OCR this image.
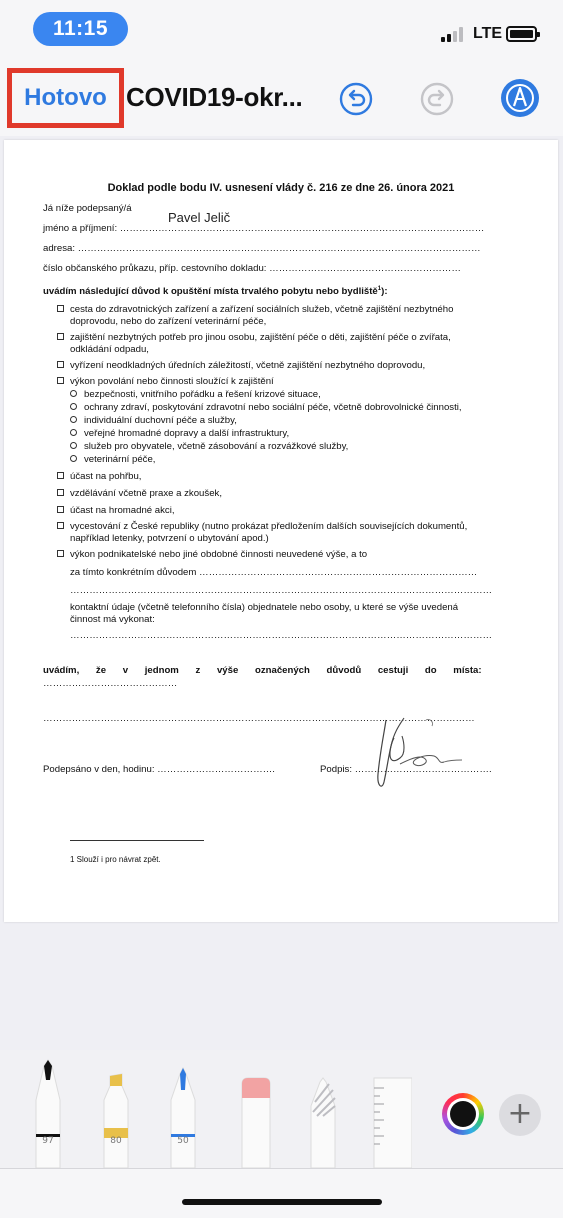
11:15	LTE
Hotovo COVID19-okr...
Doklad podle bodu IV. usnesení vlády č. 216 ze dne 26. února 2021
Já níže podepsaný/á
jméno a příjmení: ……………………………………………………………………………………………………
Pavel Jelič
adresa: ………………………………………………………………………………………………………………
číslo občanského průkazu, příp. cestovního dokladu: ……………………………………………………
uvádím následující důvod k opuštění místa trvalého pobytu nebo bydliště$^1$):
cesta do zdravotnických zařízení a zařízení sociálních služeb, včetně zajištění nezbytného
doprovodu, nebo do zařízení veterinární péče,
zajištění nezbytných potřeb pro jinou osobu, zajištění péče o děti, zajištění péče o zvířata,
odkládání odpadu,
vyřízení neodkladných úředních záležitostí, včetně zajištění nezbytného doprovodu,
výkon povolání nebo činnosti sloužící k zajištění
bezpečnosti, vnitřního pořádku a řešení krizové situace,
ochrany zdraví, poskytování zdravotní nebo sociální péče, včetně dobrovolnické činnosti,
individuální duchovní péče a služby,
veřejné hromadné dopravy a další infrastruktury,
služeb pro obyvatele, včetně zásobování a rozvážkové služby,
veterinární péče,
účast na pohřbu,
vzdělávání včetně praxe a zkoušek,
účast na hromadné akci,
vycestování z České republiky (nutno prokázat předložením dalších souvisejících dokumentů,
například letenky, potvrzení o ubytování apod.)
výkon podnikatelské nebo jiné obdobné činnosti neuvedené výše, a to
za tímto konkrétním důvodem ……………………………………………………………………………
……………………………………………………………………………………………………………………
kontaktní údaje (včetně telefonního čísla) objednatele nebo osoby, u které se výše uvedená
činnost má vykonat:
……………………………………………………………………………………………………………………
uvádím, že v jednom z výše označených důvodů cestuji do místa:
……………………………………
………………………………………………………………………………………………………………………
Podepsáno v den, hodinu: ……………………………….	Podpis: …………………………………….
1 Slouží i pro návrat zpět.
97	80	50
+
